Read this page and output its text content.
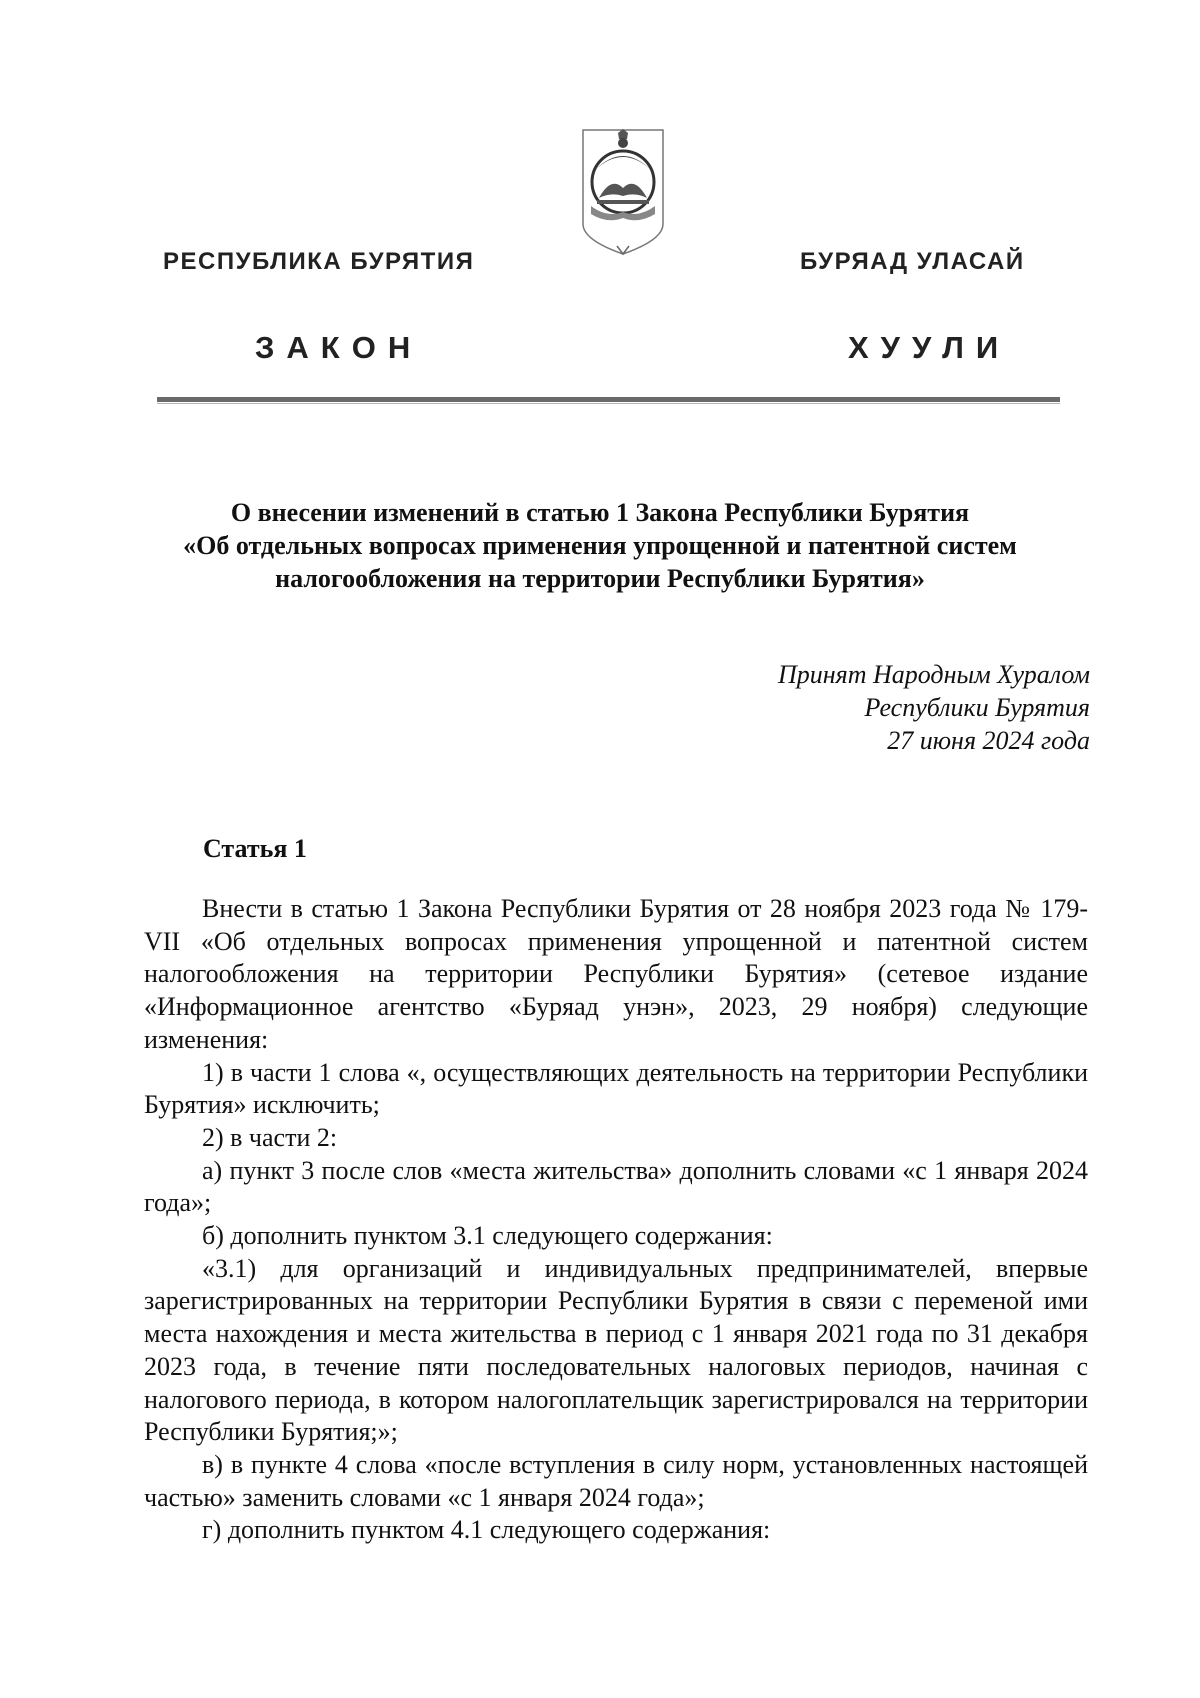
РЕСПУБЛИКА БУРЯТИЯ	БУРЯАД УЛАСАЙ
ЗАКОН	ХУУЛИ
О внесении изменений в статью 1 Закона Республики Бурятия
«Об отдельных вопросах применения упрощенной и патентной систем
налогообложения на территории Республики Бурятия»
Принят Народным Хуралом
Республики Бурятия
27 июня 2024 года
Статья 1

Внести в статью 1 Закона Республики Бурятия от 28 ноября 2023 года № 179-VII «Об отдельных вопросах применения упрощенной и патентной систем налогообложения на территории Республики Бурятия» (сетевое издание «Информационное агентство «Буряад унэн», 2023, 29 ноября) следующие изменения:

1) в части 1 слова «, осуществляющих деятельность на территории Республики Бурятия» исключить;

2) в части 2:

а) пункт 3 после слов «места жительства» дополнить словами «с 1 января 2024 года»;

б) дополнить пунктом 3.1 следующего содержания:

«3.1) для организаций и индивидуальных предпринимателей, впервые зарегистрированных на территории Республики Бурятия в связи с переменой ими места нахождения и места жительства в период с 1 января 2021 года по 31 декабря 2023 года, в течение пяти последовательных налоговых периодов, начиная с налогового периода, в котором налогоплательщик зарегистрировался на территории Республики Бурятия;»;

в) в пункте 4 слова «после вступления в силу норм, установленных настоящей частью» заменить словами «с 1 января 2024 года»;

г) дополнить пунктом 4.1 следующего содержания:
